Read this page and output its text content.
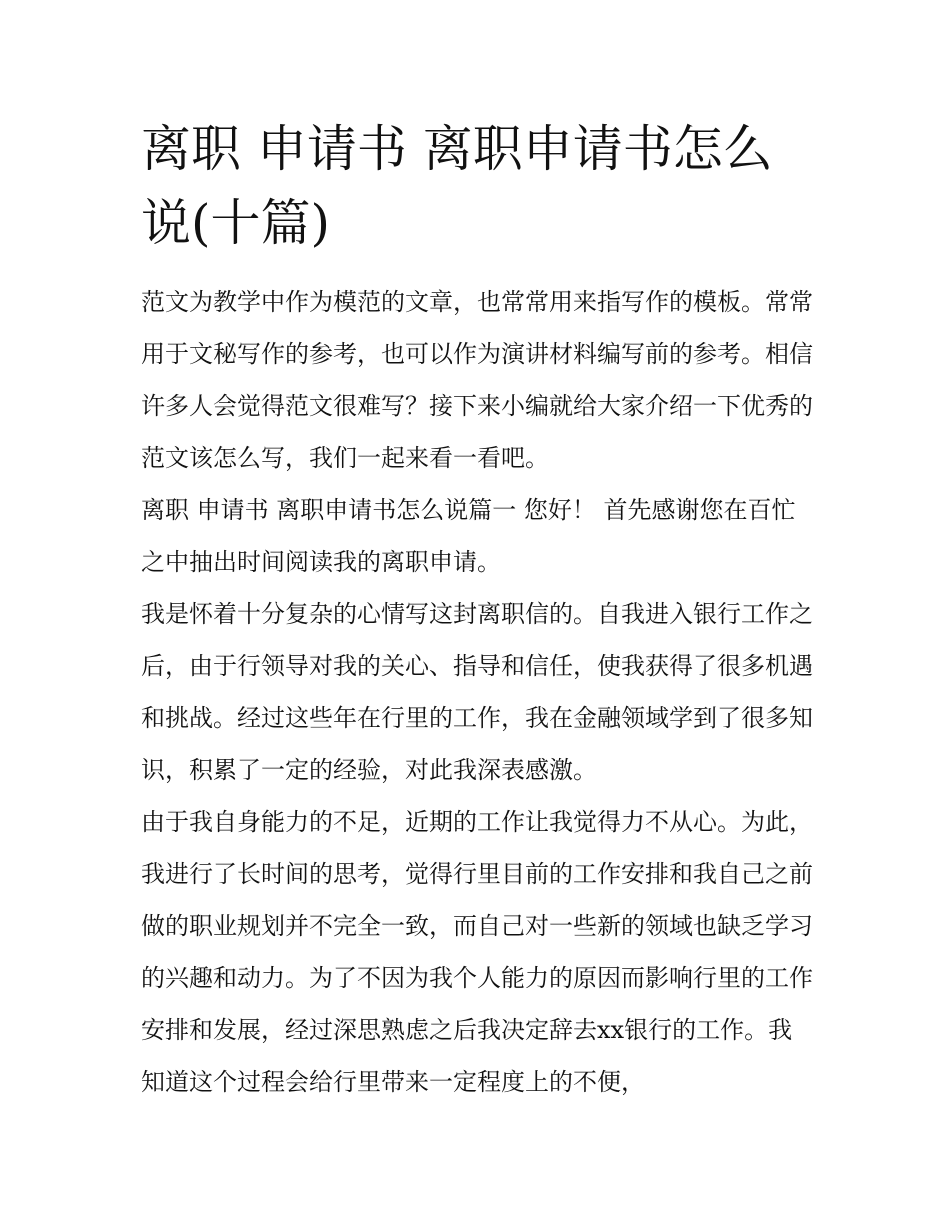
离职 申请书 离职申请书怎么
说(十篇)

范文为教学中作为模范的文章，也常常用来指写作的模板。常常用于文秘写作的参考，也可以作为演讲材料编写前的参考。相信许多人会觉得范文很难写？接下来小编就给大家介绍一下优秀的范文该怎么写，我们一起来看一看吧。

离职 申请书 离职申请书怎么说篇一 您好！ 首先感谢您在百忙之中抽出时间阅读我的离职申请。

我是怀着十分复杂的心情写这封离职信的。自我进入银行工作之后，由于行领导对我的关心、指导和信任，使我获得了很多机遇和挑战。经过这些年在行里的工作，我在金融领域学到了很多知识，积累了一定的经验，对此我深表感激。

由于我自身能力的不足，近期的工作让我觉得力不从心。为此，我进行了长时间的思考，觉得行里目前的工作安排和我自己之前做的职业规划并不完全一致，而自己对一些新的领域也缺乏学习的兴趣和动力。为了不因为我个人能力的原因而影响行里的工作安排和发展，经过深思熟虑之后我决定辞去xx银行的工作。我知道这个过程会给行里带来一定程度上的不便，
